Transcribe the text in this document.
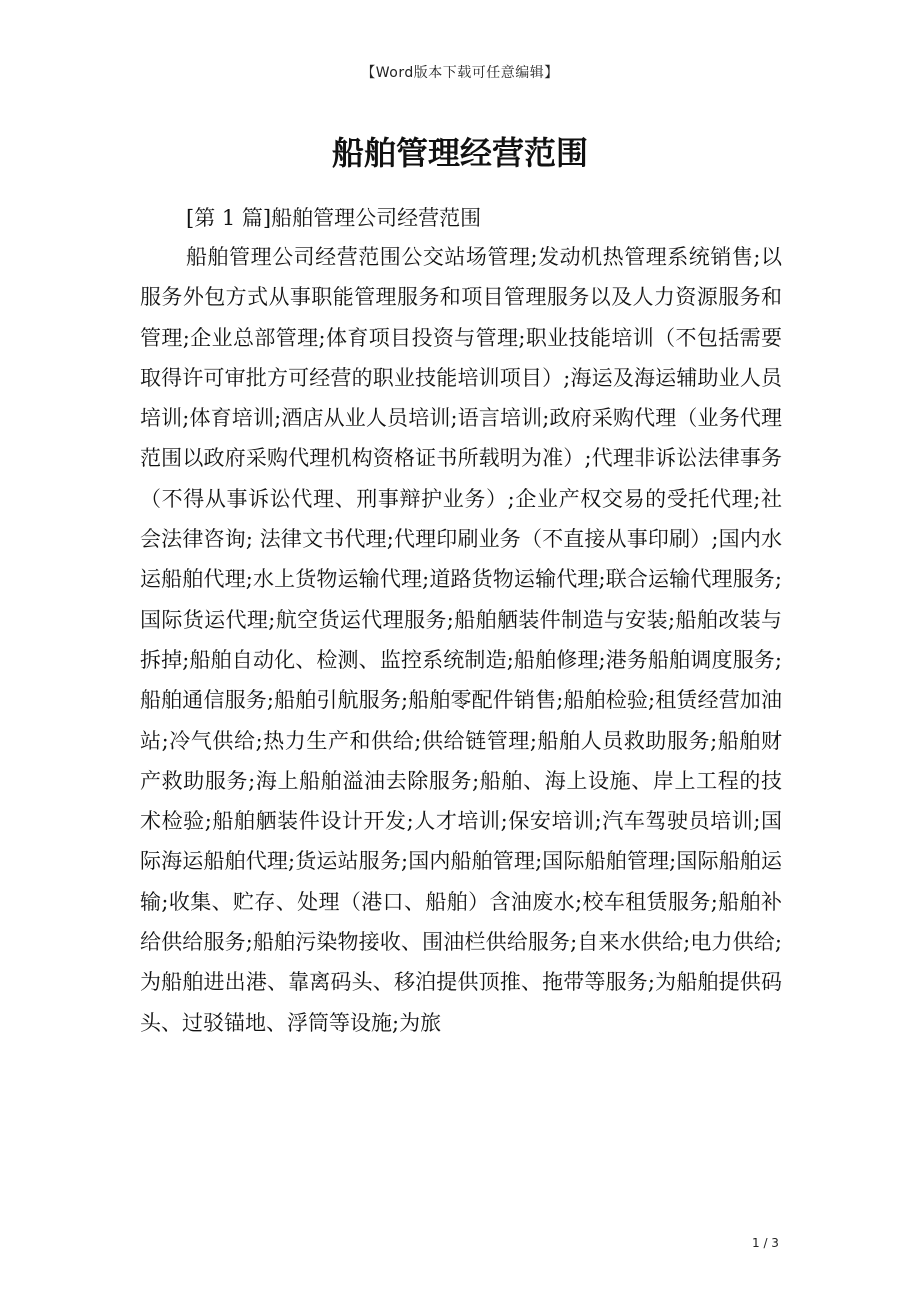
【Word版本下载可任意编辑】
船舶管理经营范围
[第 1 篇]船舶管理公司经营范围

船舶管理公司经营范围公交站场管理;发动机热管理系统销售;以服务外包方式从事职能管理服务和项目管理服务以及人力资源服务和管理;企业总部管理;体育项目投资与管理;职业技能培训（不包括需要取得许可审批方可经营的职业技能培训项目）;海运及海运辅助业人员培训;体育培训;酒店从业人员培训;语言培训;政府采购代理（业务代理范围以政府采购代理机构资格证书所载明为准）;代理非诉讼法律事务（不得从事诉讼代理、刑事辩护业务）;企业产权交易的受托代理;社会法律咨询; 法律文书代理;代理印刷业务（不直接从事印刷）;国内水运船舶代理;水上货物运输代理;道路货物运输代理;联合运输代理服务;国际货运代理;航空货运代理服务;船舶舾装件制造与安装;船舶改装与拆掉;船舶自动化、检测、监控系统制造;船舶修理;港务船舶调度服务;船舶通信服务;船舶引航服务;船舶零配件销售;船舶检验;租赁经营加油站;冷气供给;热力生产和供给;供给链管理;船舶人员救助服务;船舶财产救助服务;海上船舶溢油去除服务;船舶、海上设施、岸上工程的技术检验;船舶舾装件设计开发;人才培训;保安培训;汽车驾驶员培训;国际海运船舶代理;货运站服务;国内船舶管理;国际船舶管理;国际船舶运输;收集、贮存、处理（港口、船舶）含油废水;校车租赁服务;船舶补给供给服务;船舶污染物接收、围油栏供给服务;自来水供给;电力供给;为船舶进出港、靠离码头、移泊提供顶推、拖带等服务;为船舶提供码头、过驳锚地、浮筒等设施;为旅

1 / 3
